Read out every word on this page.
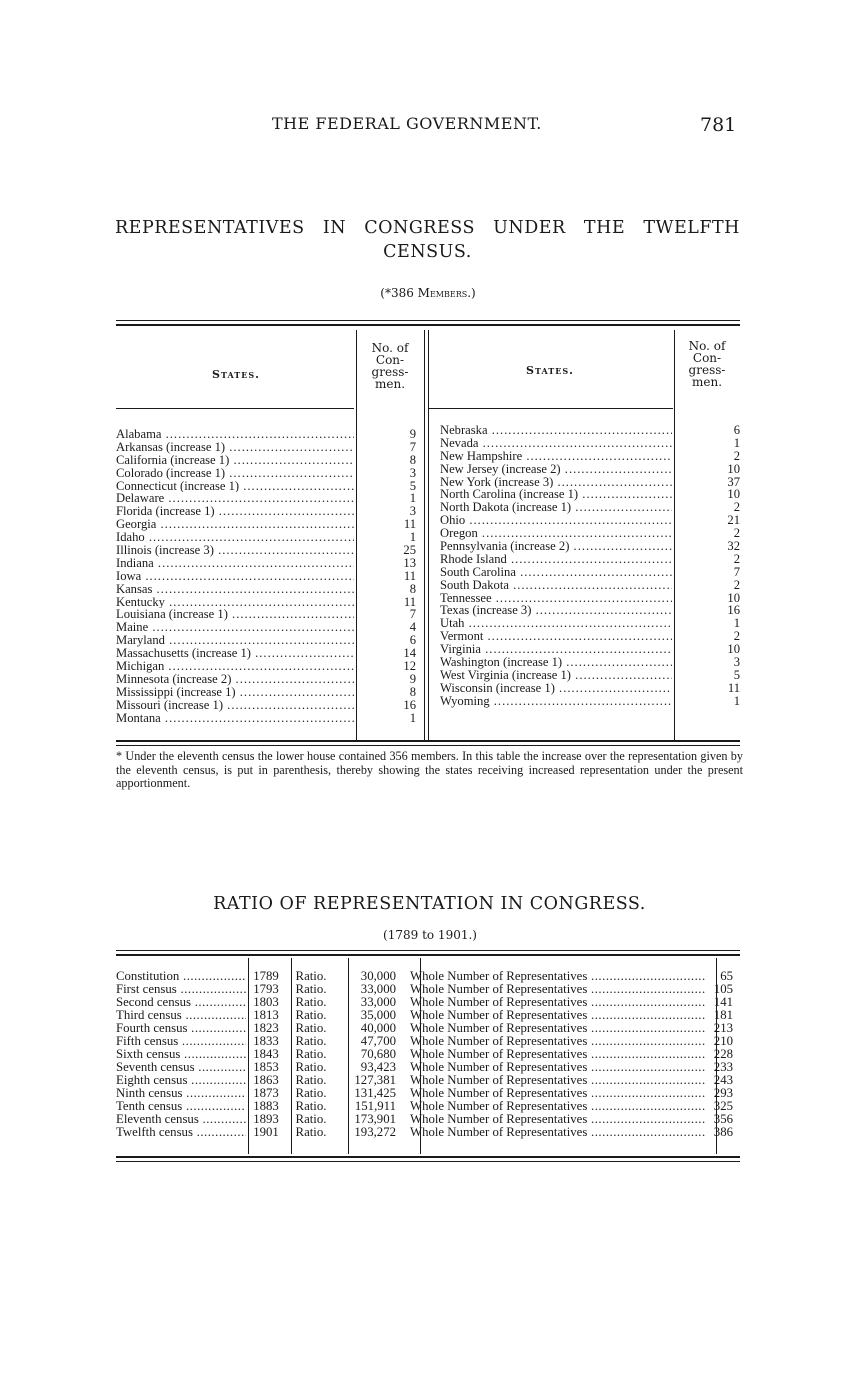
THE FEDERAL GOVERNMENT.	781
REPRESENTATIVES IN CONGRESS UNDER THE TWELFTH
CENSUS.
(*386 Members.)
States.
No. of
Con-
gress-
men.
States.
No. of
Con-
gress-
men.
Alabama .....	9
Arkansas (increase 1) .....	7
California (increase 1) .....	8
Colorado (increase 1) .....	3
Connecticut (increase 1) .....	5
Delaware .....	1
Florida (increase 1) .....	3
Georgia .....	11
Idaho .....	1
Illinois (increase 3) .....	25
Indiana .....	13
Iowa .....	11
Kansas .....	8
Kentucky .....	11
Louisiana (increase 1) .....	7
Maine .....	4
Maryland .....	6
Massachusetts (increase 1) .....	14
Michigan .....	12
Minnesota (increase 2) .....	9
Mississippi (increase 1) .....	8
Missouri (increase 1) .....	16
Montana .....	1
Nebraska .....	6
Nevada .....	1
New Hampshire .....	2
New Jersey (increase 2) .....	10
New York (increase 3) .....	37
North Carolina (increase 1) .....	10
North Dakota (increase 1) .....	2
Ohio .....	21
Oregon .....	2
Pennsylvania (increase 2) .....	32
Rhode Island .....	2
South Carolina .....	7
South Dakota .....	2
Tennessee .....	10
Texas (increase 3) .....	16
Utah .....	1
Vermont .....	2
Virginia .....	10
Washington (increase 1) .....	3
West Virginia (increase 1) .....	5
Wisconsin (increase 1) .....	11
Wyoming .....	1
* Under the eleventh census the lower house contained 356 members. In this table the increase over the representation given by the eleventh census, is put in parenthesis, thereby showing the states receiving increased representation under the present apportionment.
RATIO OF REPRESENTATION IN CONGRESS.
(1789 to 1901.)
Constitution .....	1789	Ratio.	30,000	Whole Number of Representatives .....	65
First census .....	1793	Ratio.	33,000	Whole Number of Representatives .....	105
Second census .....	1803	Ratio.	33,000	Whole Number of Representatives .....	141
Third census .....	1813	Ratio.	35,000	Whole Number of Representatives .....	181
Fourth census .....	1823	Ratio.	40,000	Whole Number of Representatives .....	213
Fifth census .....	1833	Ratio.	47,700	Whole Number of Representatives .....	210
Sixth census .....	1843	Ratio.	70,680	Whole Number of Representatives .....	228
Seventh census .....	1853	Ratio.	93,423	Whole Number of Representatives .....	233
Eighth census .....	1863	Ratio.	127,381	Whole Number of Representatives .....	243
Ninth census .....	1873	Ratio.	131,425	Whole Number of Representatives .....	293
Tenth census .....	1883	Ratio.	151,911	Whole Number of Representatives .....	325
Eleventh census .....	1893	Ratio.	173,901	Whole Number of Representatives .....	356
Twelfth census .....	1901	Ratio.	193,272	Whole Number of Representatives .....	386
